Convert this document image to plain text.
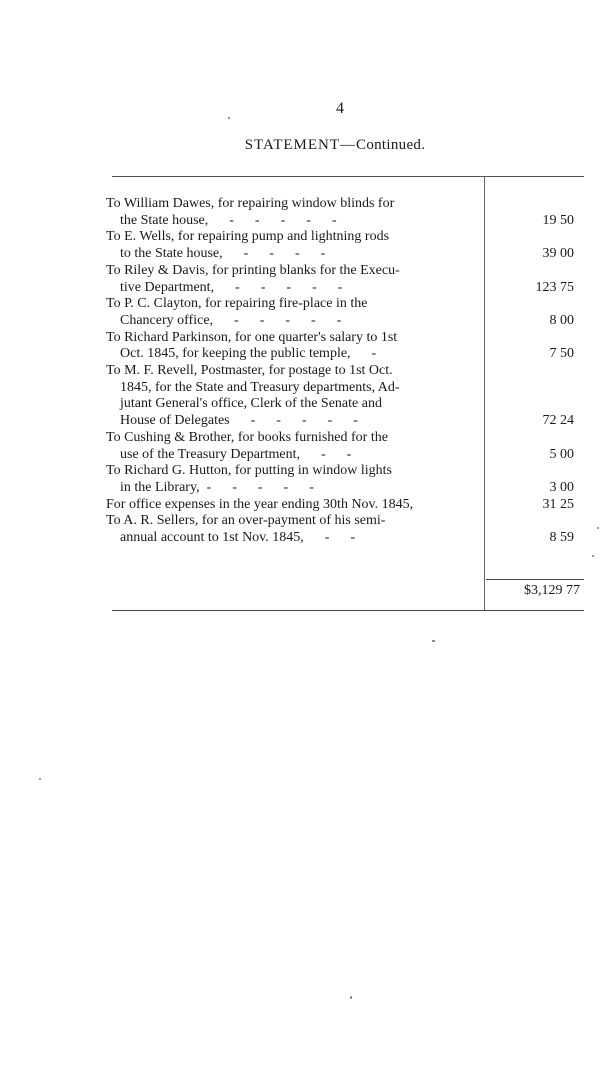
4
STATEMENT—Continued.
To William Dawes, for repairing window blinds for
the State house,      -      -      -      -      -	19 50
To E. Wells, for repairing pump and lightning rods
to the State house,      -      -      -      -	39 00
To Riley & Davis, for printing blanks for the Execu-
tive Department,      -      -      -      -      -	123 75
To P. C. Clayton, for repairing fire-place in the
Chancery office,      -      -      -      -      -	8 00
To Richard Parkinson, for one quarter's salary to 1st
Oct. 1845, for keeping the public temple,      -	7 50
To M. F. Revell, Postmaster, for postage to 1st Oct.
1845, for the State and Treasury departments, Ad-
jutant General's office, Clerk of the Senate and
House of Delegates      -      -      -      -      -	72 24
To Cushing & Brother, for books furnished for the
use of the Treasury Department,      -      -	5 00
To Richard G. Hutton, for putting in window lights
in the Library,  -      -      -      -      -	3 00
For office expenses in the year ending 30th Nov. 1845,	31 25
To A. R. Sellers, for an over-payment of his semi-
annual account to 1st Nov. 1845,      -      -	8 59
$3,129 77
